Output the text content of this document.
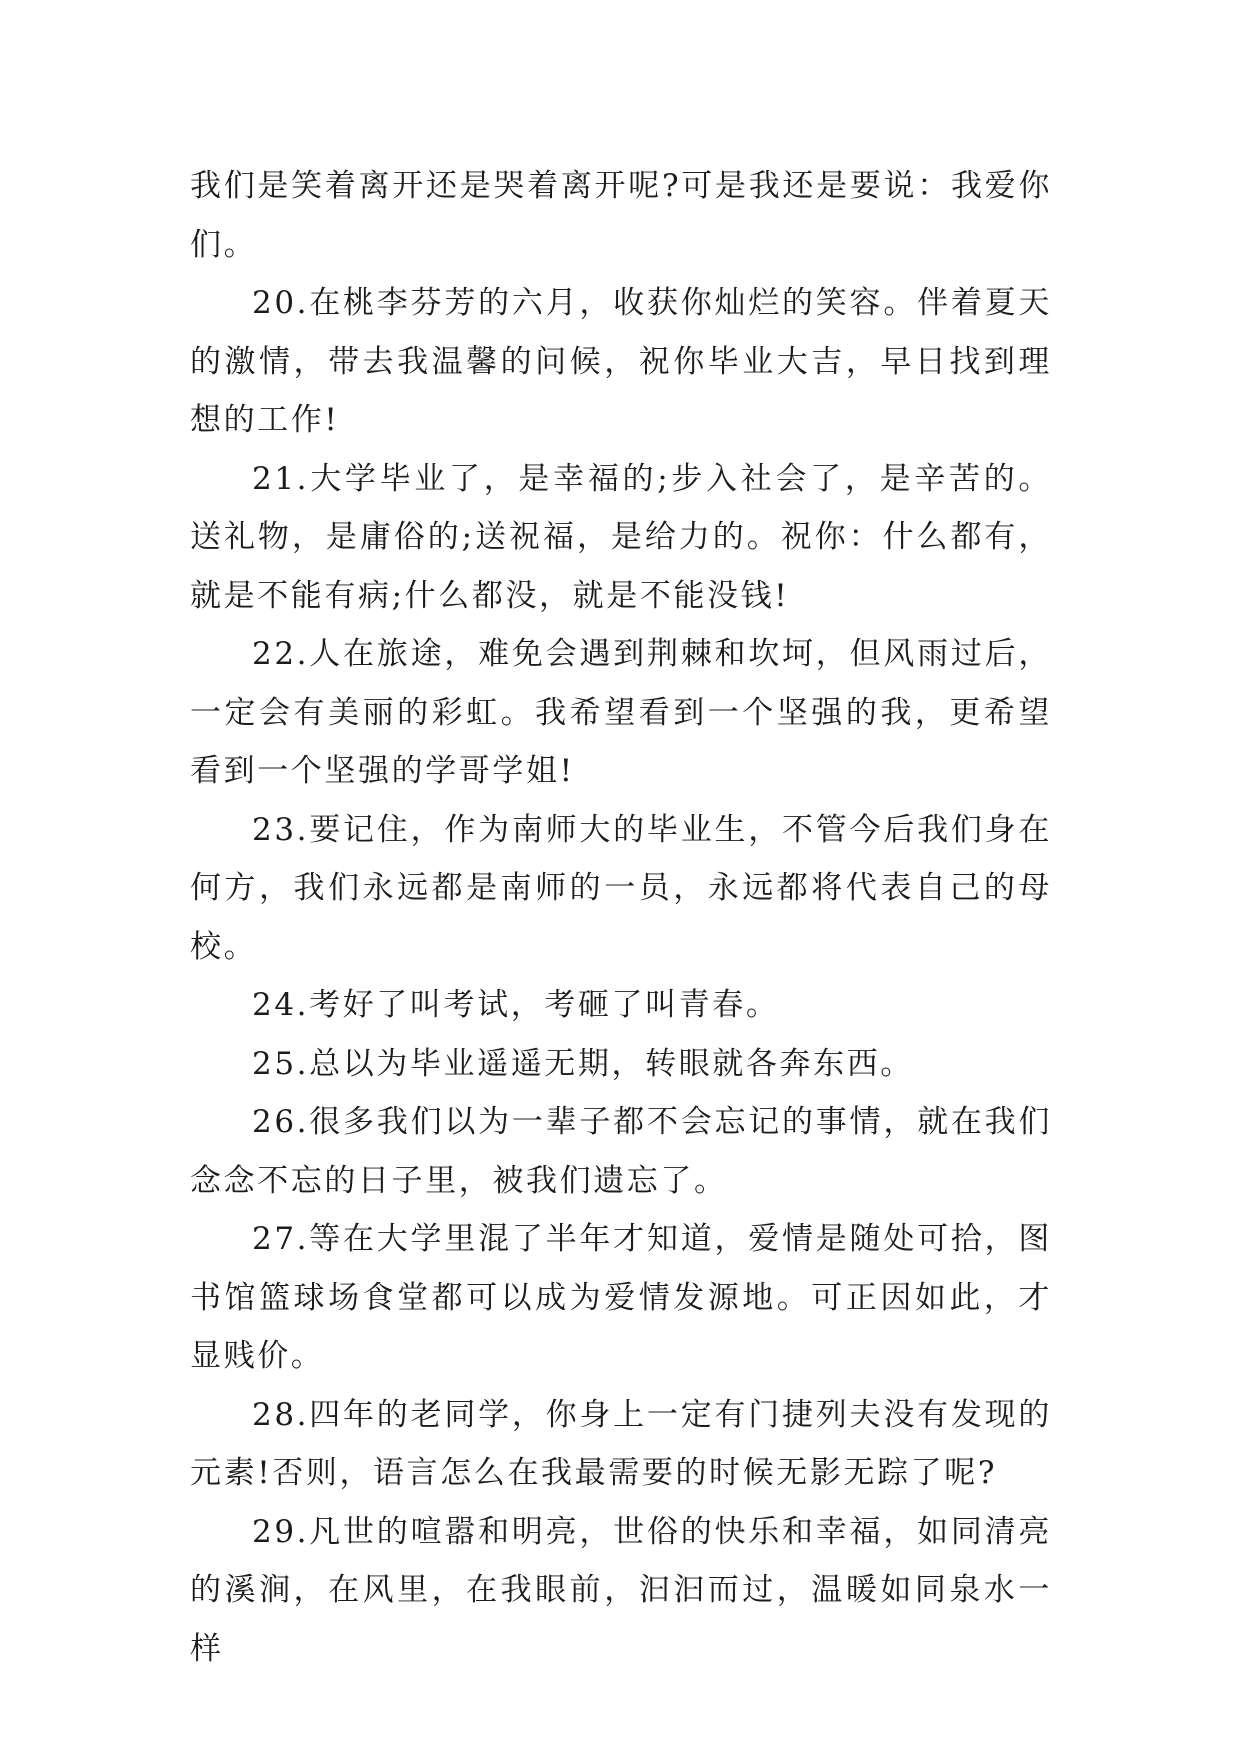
我们是笑着离开还是哭着离开呢?可是我还是要说：我爱你们。

20.在桃李芬芳的六月，收获你灿烂的笑容。伴着夏天的激情，带去我温馨的问候，祝你毕业大吉，早日找到理想的工作!

21.大学毕业了，是幸福的;步入社会了，是辛苦的。送礼物，是庸俗的;送祝福，是给力的。祝你：什么都有，就是不能有病;什么都没，就是不能没钱!

22.人在旅途，难免会遇到荆棘和坎坷，但风雨过后，一定会有美丽的彩虹。我希望看到一个坚强的我，更希望看到一个坚强的学哥学姐!

23.要记住，作为南师大的毕业生，不管今后我们身在何方，我们永远都是南师的一员，永远都将代表自己的母校。

24.考好了叫考试，考砸了叫青春。

25.总以为毕业遥遥无期，转眼就各奔东西。

26.很多我们以为一辈子都不会忘记的事情，就在我们念念不忘的日子里，被我们遗忘了。

27.等在大学里混了半年才知道，爱情是随处可拾，图书馆篮球场食堂都可以成为爱情发源地。可正因如此，才显贱价。

28.四年的老同学，你身上一定有门捷列夫没有发现的元素!否则，语言怎么在我最需要的时候无影无踪了呢?

29.凡世的喧嚣和明亮，世俗的快乐和幸福，如同清亮的溪涧，在风里，在我眼前，汩汩而过，温暖如同泉水一样
